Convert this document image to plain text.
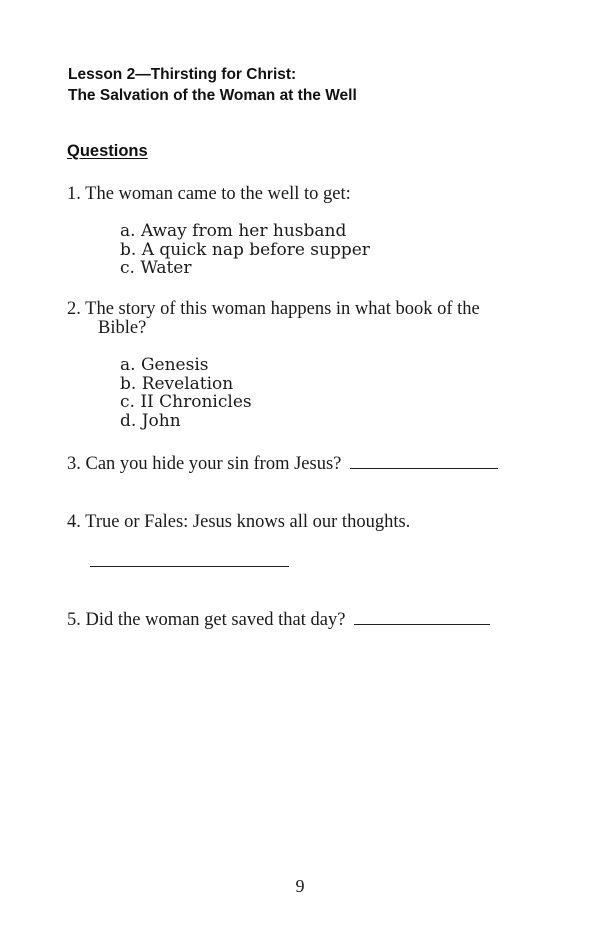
Lesson 2—Thirsting for Christ:
The Salvation of the Woman at the Well
Questions
1. The woman came to the well to get:
a. Away from her husband
b. A quick nap before supper
c. Water
2. The story of this woman happens in what book of the
Bible?
a. Genesis
b. Revelation
c. II Chronicles
d. John
3. Can you hide your sin from Jesus?
4. True or Fales: Jesus knows all our thoughts.
5. Did the woman get saved that day?
9
